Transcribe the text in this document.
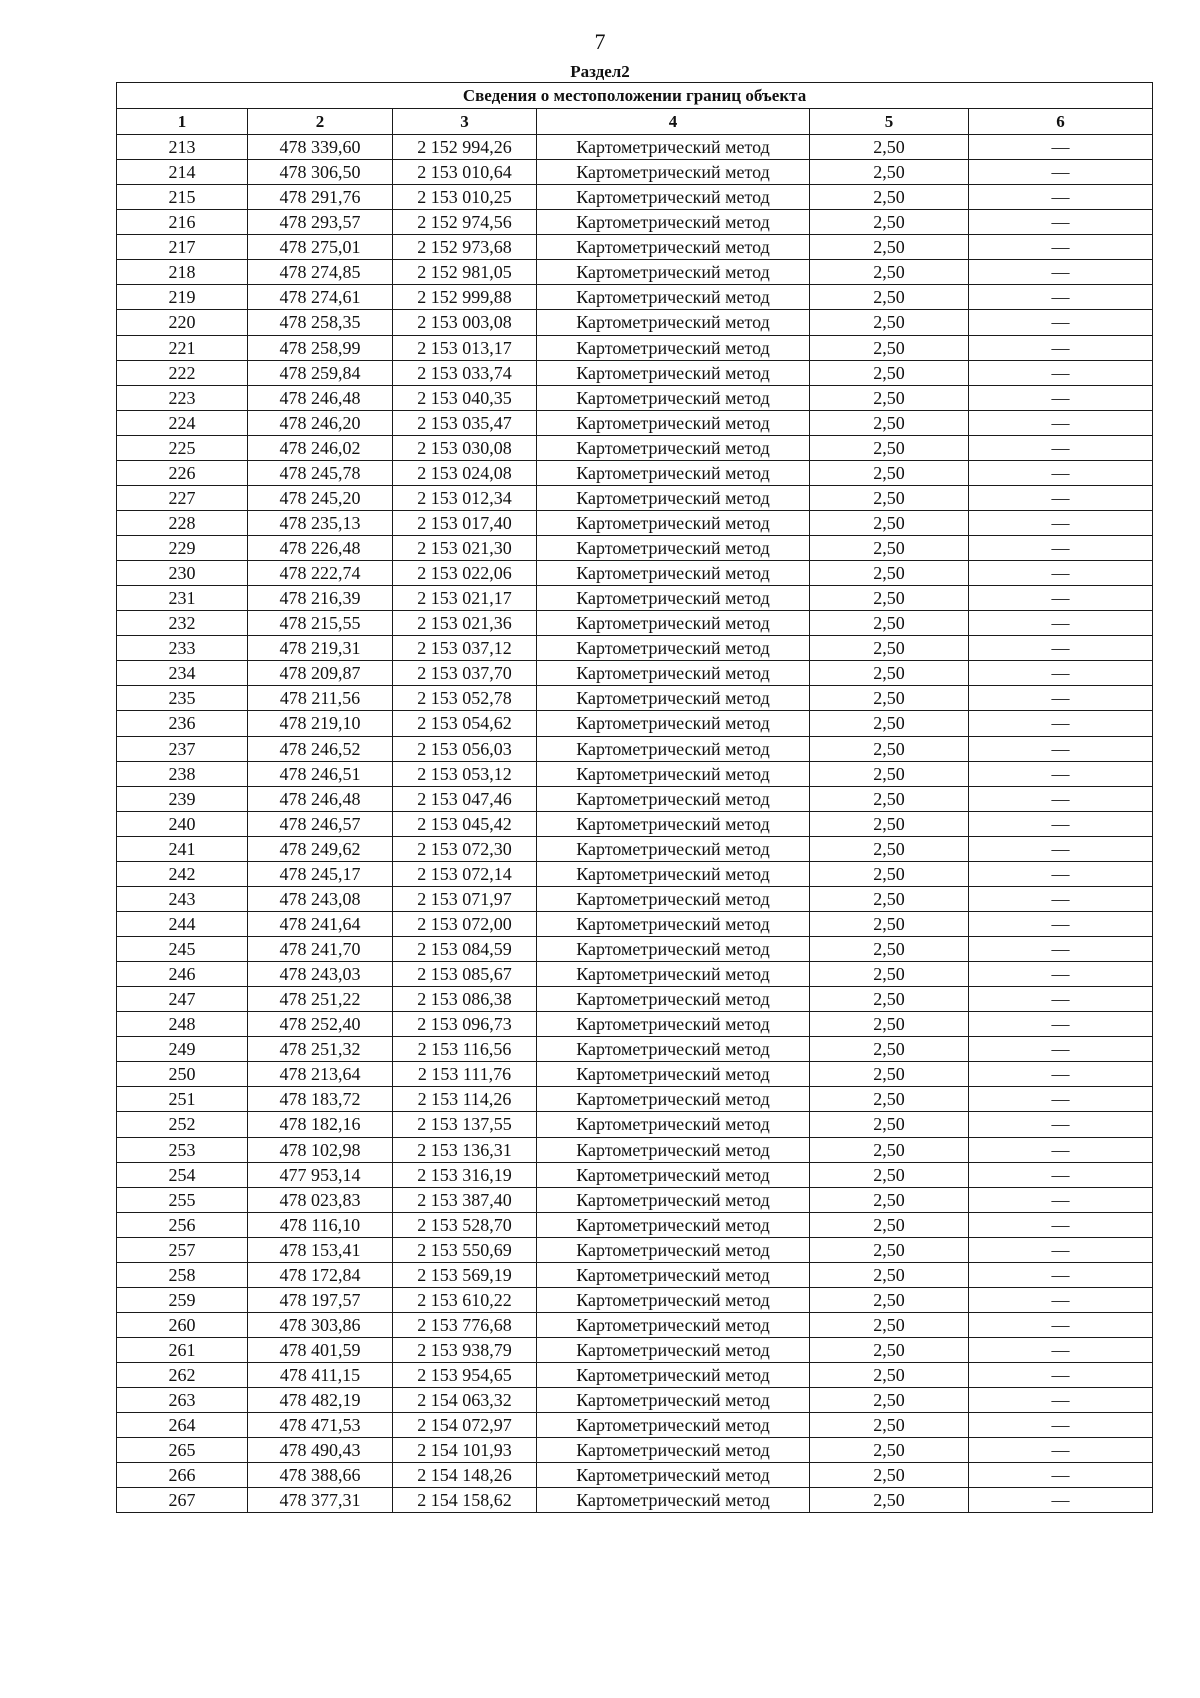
7
Раздел2
Сведения о местоположении границ объекта					
1	2	3	4	5	6
213	478 339,60	2 152 994,26	Картометрический метод	2,50	—
214	478 306,50	2 153 010,64	Картометрический метод	2,50	—
215	478 291,76	2 153 010,25	Картометрический метод	2,50	—
216	478 293,57	2 152 974,56	Картометрический метод	2,50	—
217	478 275,01	2 152 973,68	Картометрический метод	2,50	—
218	478 274,85	2 152 981,05	Картометрический метод	2,50	—
219	478 274,61	2 152 999,88	Картометрический метод	2,50	—
220	478 258,35	2 153 003,08	Картометрический метод	2,50	—
221	478 258,99	2 153 013,17	Картометрический метод	2,50	—
222	478 259,84	2 153 033,74	Картометрический метод	2,50	—
223	478 246,48	2 153 040,35	Картометрический метод	2,50	—
224	478 246,20	2 153 035,47	Картометрический метод	2,50	—
225	478 246,02	2 153 030,08	Картометрический метод	2,50	—
226	478 245,78	2 153 024,08	Картометрический метод	2,50	—
227	478 245,20	2 153 012,34	Картометрический метод	2,50	—
228	478 235,13	2 153 017,40	Картометрический метод	2,50	—
229	478 226,48	2 153 021,30	Картометрический метод	2,50	—
230	478 222,74	2 153 022,06	Картометрический метод	2,50	—
231	478 216,39	2 153 021,17	Картометрический метод	2,50	—
232	478 215,55	2 153 021,36	Картометрический метод	2,50	—
233	478 219,31	2 153 037,12	Картометрический метод	2,50	—
234	478 209,87	2 153 037,70	Картометрический метод	2,50	—
235	478 211,56	2 153 052,78	Картометрический метод	2,50	—
236	478 219,10	2 153 054,62	Картометрический метод	2,50	—
237	478 246,52	2 153 056,03	Картометрический метод	2,50	—
238	478 246,51	2 153 053,12	Картометрический метод	2,50	—
239	478 246,48	2 153 047,46	Картометрический метод	2,50	—
240	478 246,57	2 153 045,42	Картометрический метод	2,50	—
241	478 249,62	2 153 072,30	Картометрический метод	2,50	—
242	478 245,17	2 153 072,14	Картометрический метод	2,50	—
243	478 243,08	2 153 071,97	Картометрический метод	2,50	—
244	478 241,64	2 153 072,00	Картометрический метод	2,50	—
245	478 241,70	2 153 084,59	Картометрический метод	2,50	—
246	478 243,03	2 153 085,67	Картометрический метод	2,50	—
247	478 251,22	2 153 086,38	Картометрический метод	2,50	—
248	478 252,40	2 153 096,73	Картометрический метод	2,50	—
249	478 251,32	2 153 116,56	Картометрический метод	2,50	—
250	478 213,64	2 153 111,76	Картометрический метод	2,50	—
251	478 183,72	2 153 114,26	Картометрический метод	2,50	—
252	478 182,16	2 153 137,55	Картометрический метод	2,50	—
253	478 102,98	2 153 136,31	Картометрический метод	2,50	—
254	477 953,14	2 153 316,19	Картометрический метод	2,50	—
255	478 023,83	2 153 387,40	Картометрический метод	2,50	—
256	478 116,10	2 153 528,70	Картометрический метод	2,50	—
257	478 153,41	2 153 550,69	Картометрический метод	2,50	—
258	478 172,84	2 153 569,19	Картометрический метод	2,50	—
259	478 197,57	2 153 610,22	Картометрический метод	2,50	—
260	478 303,86	2 153 776,68	Картометрический метод	2,50	—
261	478 401,59	2 153 938,79	Картометрический метод	2,50	—
262	478 411,15	2 153 954,65	Картометрический метод	2,50	—
263	478 482,19	2 154 063,32	Картометрический метод	2,50	—
264	478 471,53	2 154 072,97	Картометрический метод	2,50	—
265	478 490,43	2 154 101,93	Картометрический метод	2,50	—
266	478 388,66	2 154 148,26	Картометрический метод	2,50	—
267	478 377,31	2 154 158,62	Картометрический метод	2,50	—
